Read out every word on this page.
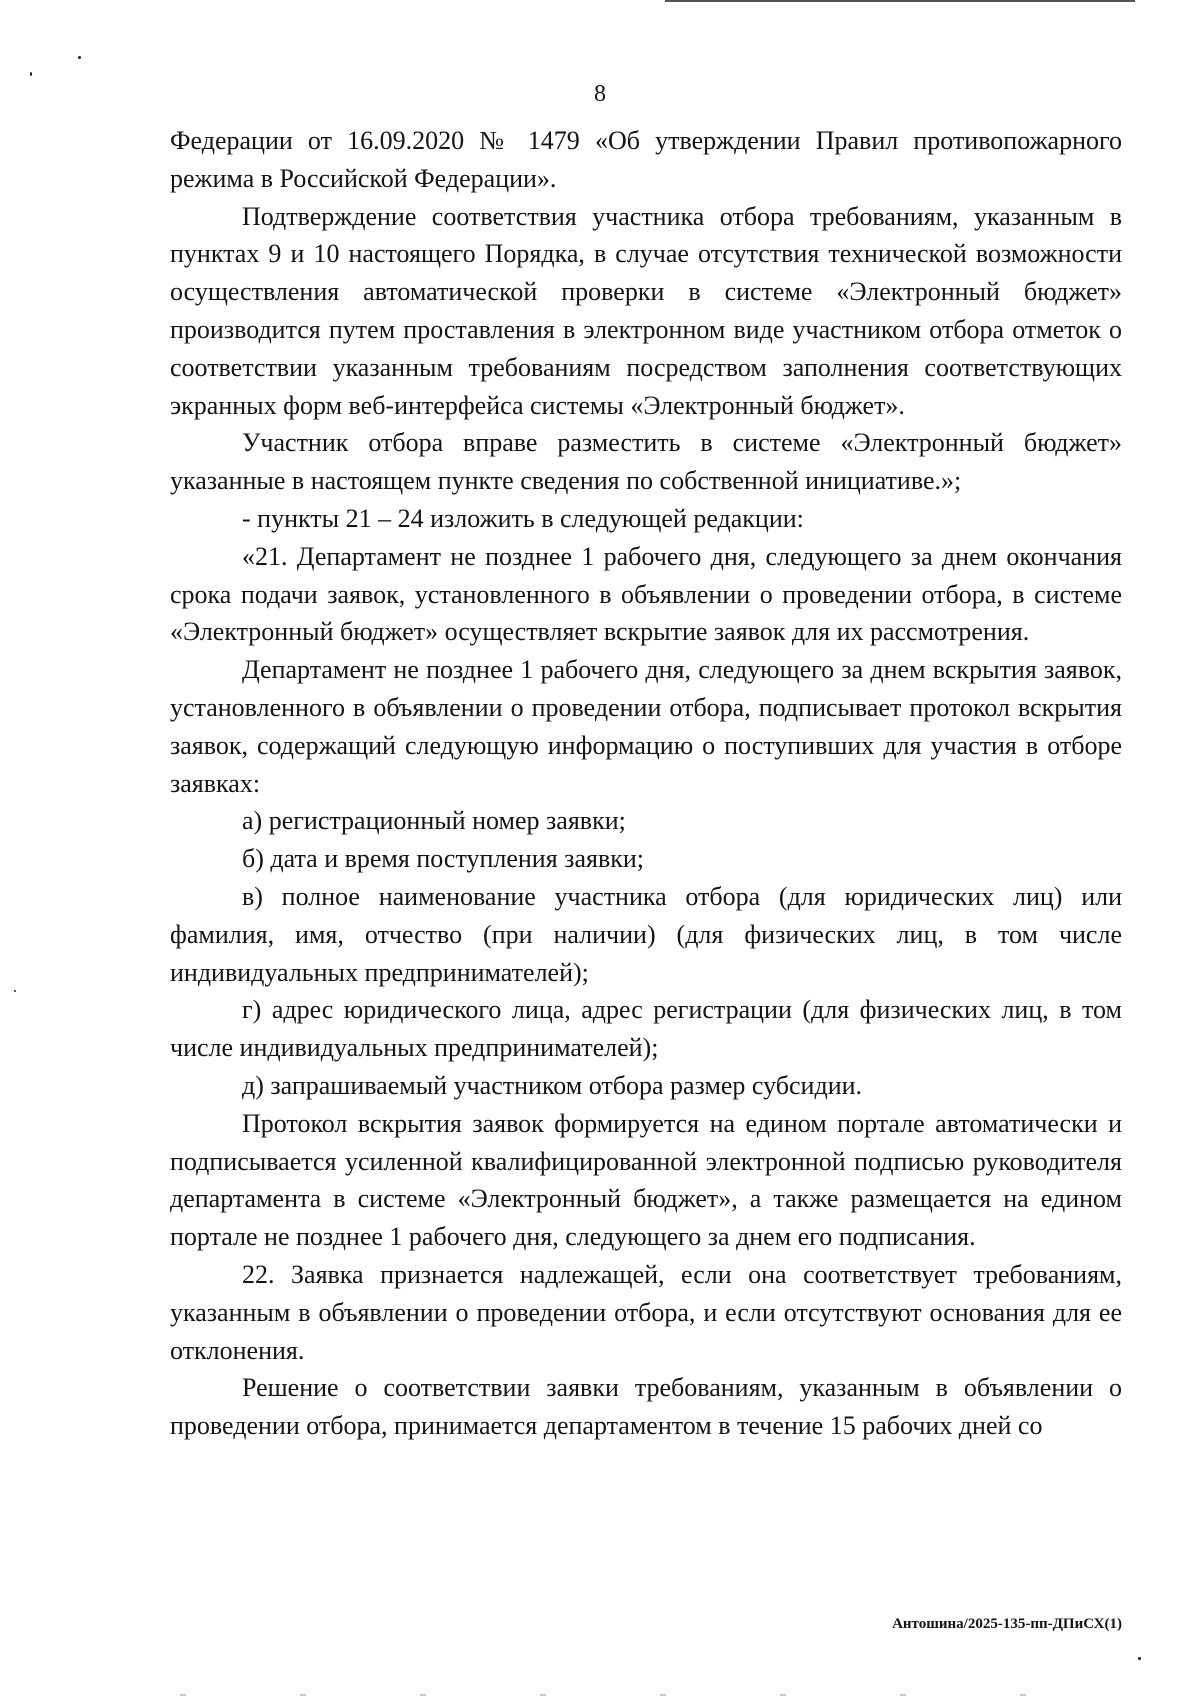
8

Федерации от 16.09.2020 № 1479 «Об утверждении Правил противопожарного режима в Российской Федерации».

Подтверждение соответствия участника отбора требованиям, указанным в пунктах 9 и 10 настоящего Порядка, в случае отсутствия технической возможности осуществления автоматической проверки в системе «Электронный бюджет» производится путем проставления в электронном виде участником отбора отметок о соответствии указанным требованиям посредством заполнения соответствующих экранных форм веб-интерфейса системы «Электронный бюджет».

Участник отбора вправе разместить в системе «Электронный бюджет» указанные в настоящем пункте сведения по собственной инициативе.»;

- пункты 21 – 24 изложить в следующей редакции:

«21. Департамент не позднее 1 рабочего дня, следующего за днем окончания срока подачи заявок, установленного в объявлении о проведении отбора, в системе «Электронный бюджет» осуществляет вскрытие заявок для их рассмотрения.

Департамент не позднее 1 рабочего дня, следующего за днем вскрытия заявок, установленного в объявлении о проведении отбора, подписывает протокол вскрытия заявок, содержащий следующую информацию о поступивших для участия в отборе заявках:

а) регистрационный номер заявки;

б) дата и время поступления заявки;

в) полное наименование участника отбора (для юридических лиц) или фамилия, имя, отчество (при наличии) (для физических лиц, в том числе индивидуальных предпринимателей);

г) адрес юридического лица, адрес регистрации (для физических лиц, в том числе индивидуальных предпринимателей);

д) запрашиваемый участником отбора размер субсидии.

Протокол вскрытия заявок формируется на едином портале автоматически и подписывается усиленной квалифицированной электронной подписью руководителя департамента в системе «Электронный бюджет», а также размещается на едином портале не позднее 1 рабочего дня, следующего за днем его подписания.

22. Заявка признается надлежащей, если она соответствует требованиям, указанным в объявлении о проведении отбора, и если отсутствуют основания для ее отклонения.

Решение о соответствии заявки требованиям, указанным в объявлении о проведении отбора, принимается департаментом в течение 15 рабочих дней со

Антошина/2025-135-пп-ДПиСХ(1)
